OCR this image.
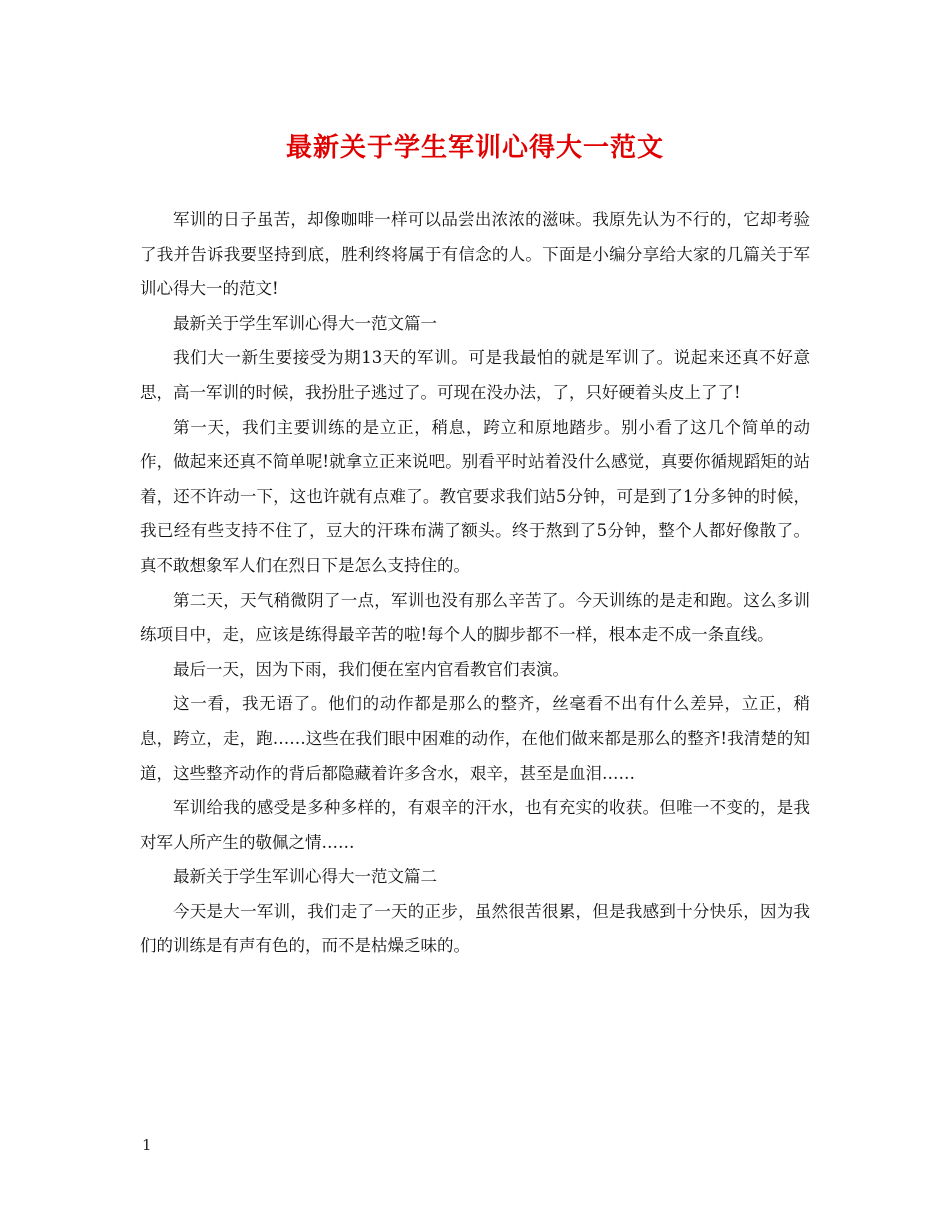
最新关于学生军训心得大一范文

军训的日子虽苦，却像咖啡一样可以品尝出浓浓的滋味。我原先认为不行的，它却考验了我并告诉我要坚持到底，胜利终将属于有信念的人。下面是小编分享给大家的几篇关于军训心得大一的范文!

最新关于学生军训心得大一范文篇一

我们大一新生要接受为期13天的军训。可是我最怕的就是军训了。说起来还真不好意思，高一军训的时候，我扮肚子逃过了。可现在没办法，了，只好硬着头皮上了了!

第一天，我们主要训练的是立正，稍息，跨立和原地踏步。别小看了这几个简单的动作，做起来还真不简单呢!就拿立正来说吧。别看平时站着没什么感觉，真要你循规蹈矩的站着，还不许动一下，这也许就有点难了。教官要求我们站5分钟，可是到了1分多钟的时候，我已经有些支持不住了，豆大的汗珠布满了额头。终于熬到了5分钟，整个人都好像散了。真不敢想象军人们在烈日下是怎么支持住的。

第二天，天气稍微阴了一点，军训也没有那么辛苦了。今天训练的是走和跑。这么多训练项目中，走，应该是练得最辛苦的啦!每个人的脚步都不一样，根本走不成一条直线。

最后一天，因为下雨，我们便在室内官看教官们表演。

这一看，我无语了。他们的动作都是那么的整齐，丝毫看不出有什么差异，立正，稍息，跨立，走，跑……这些在我们眼中困难的动作，在他们做来都是那么的整齐!我清楚的知道，这些整齐动作的背后都隐藏着许多含水，艰辛，甚至是血泪……

军训给我的感受是多种多样的，有艰辛的汗水，也有充实的收获。但唯一不变的，是我对军人所产生的敬佩之情……

最新关于学生军训心得大一范文篇二

今天是大一军训，我们走了一天的正步，虽然很苦很累，但是我感到十分快乐，因为我们的训练是有声有色的，而不是枯燥乏味的。

1
